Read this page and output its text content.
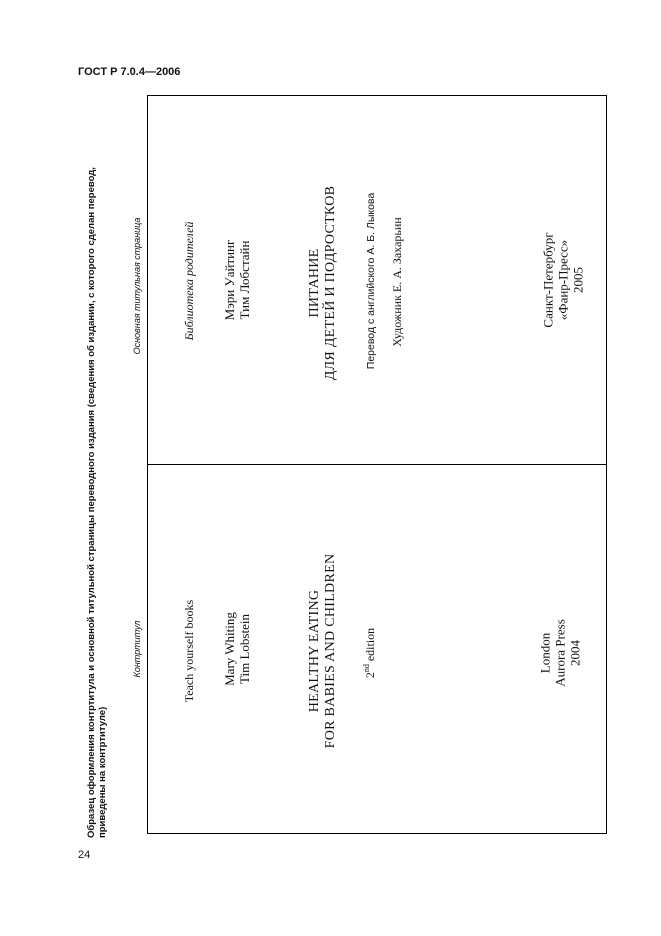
ГОСТ Р 7.0.4—2006
Образец оформления контртитула и основной титульной страницы переводного издания (сведения об издании, с которого сделан перевод, приведены на контртитуле)
Контртитул
Основная титульная страница
Teach yourself books Mary Whiting Tim Lobstein	HEALTHY EATING FOR BABIES AND CHILDREN 2nd edition	London Aurora Press 2004
Библиотека родителей Мэри Уайтинг Тим Лобстайн	ПИТАНИЕ ДЛЯ ДЕТЕЙ И ПОДРОСТКОВ	Перевод с английского А. Б. Лыкова Художник Е. А. Захарьин	Санкт-Петербург «Фаир-Пресс» 2005
24
